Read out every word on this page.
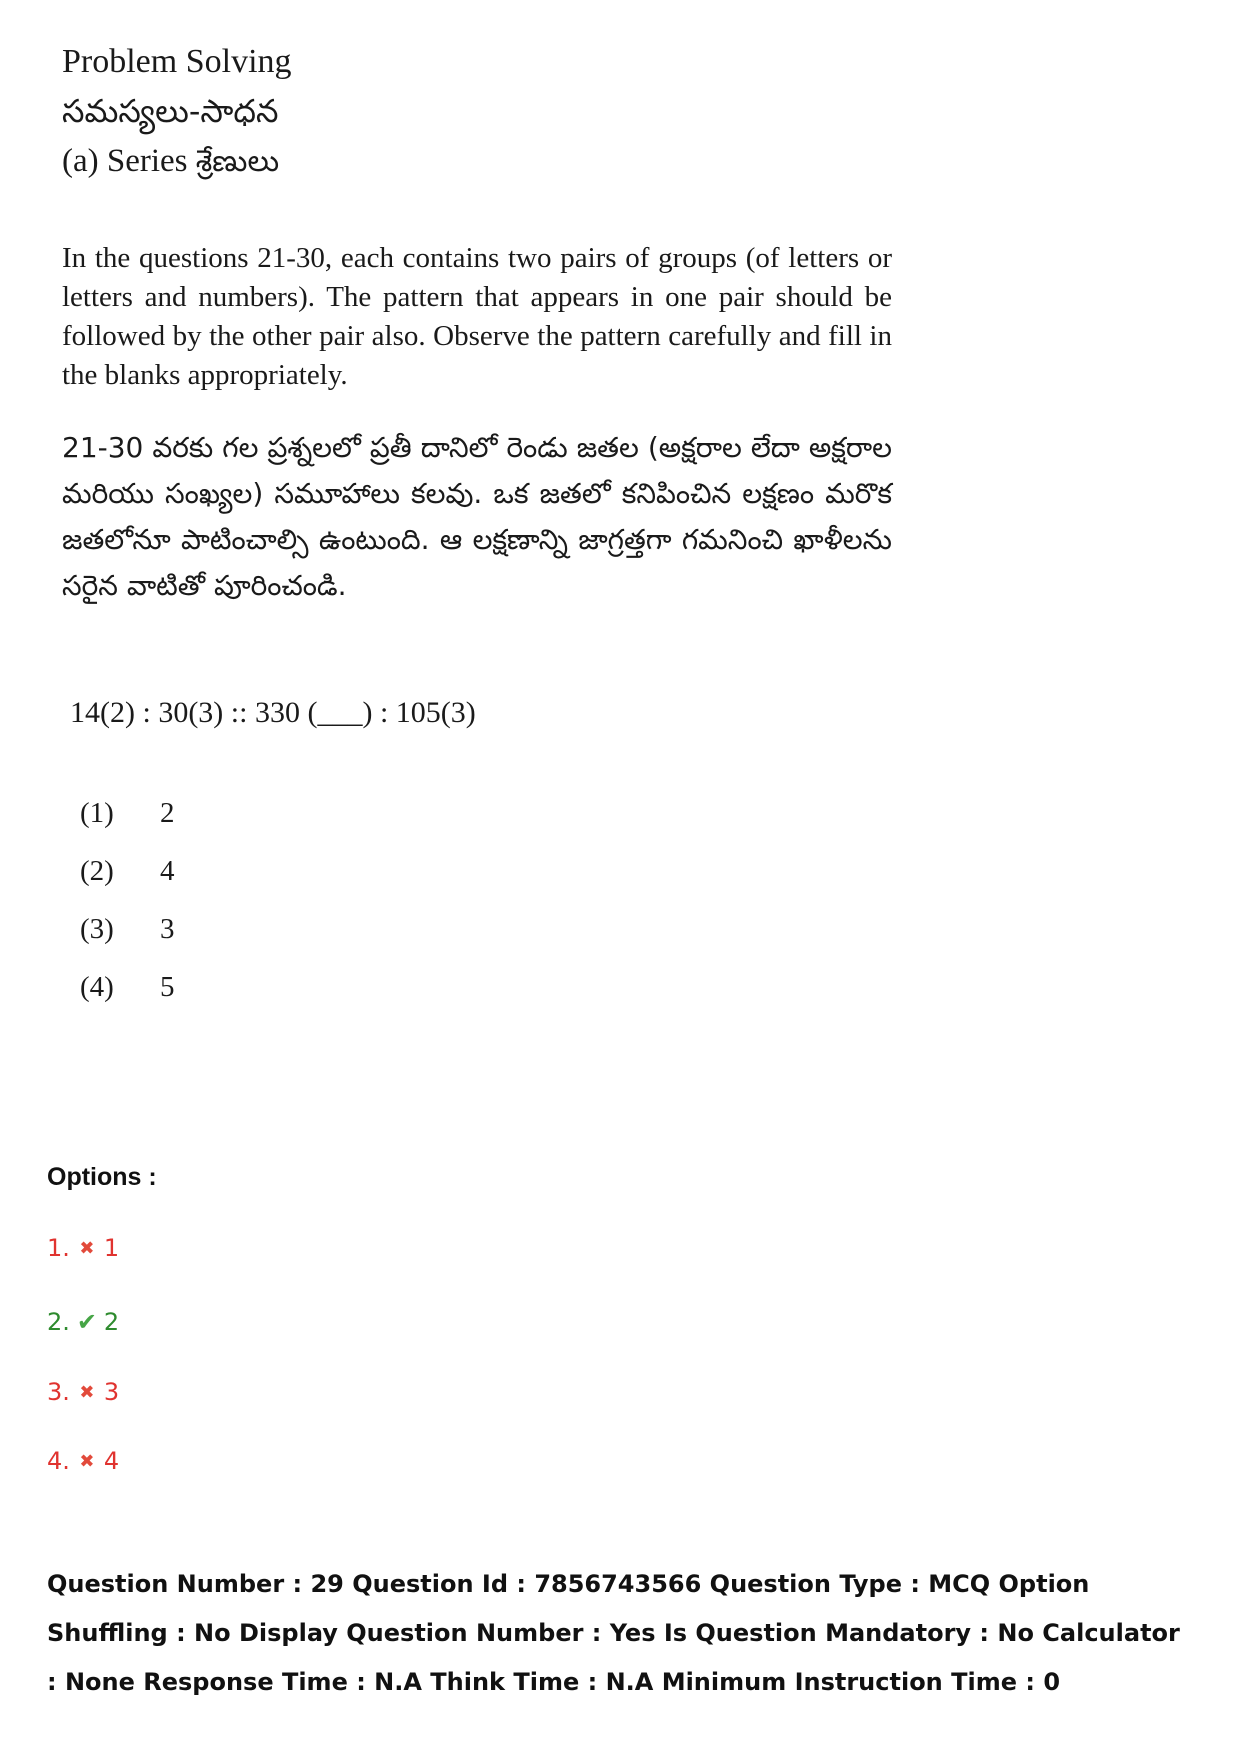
Problem Solving

సమస్యలు-సాధన

(a) Series శ్రేణులు

In the questions 21-30, each contains two pairs of groups (of letters or letters and numbers). The pattern that appears in one pair should be followed by the other pair also. Observe the pattern carefully and fill in the blanks appropriately.
21-30 వరకు గల ప్రశ్నలలో ప్రతీ దానిలో రెండు జతల (అక్షరాల లేదా అక్షరాల మరియు సంఖ్యల) సమూహాలు కలవు. ఒక జతలో కనిపించిన లక్షణం మరొక జతలోనూ పాటించాల్సి ఉంటుంది. ఆ లక్షణాన్ని జాగ్రత్తగా గమనించి ఖాళీలను సరైన వాటితో పూరించండి.
14(2) : 30(3) :: 330 (___) : 105(3)
(1)	2
(2)	4
(3)	3
(4)	5
Options :
1. ✖ 1
2. ✔ 2
3. ✖ 3
4. ✖ 4
Question Number : 29 Question Id : 7856743566 Question Type : MCQ Option Shuffling : No Display Question Number : Yes Is Question Mandatory : No Calculator : None Response Time : N.A Think Time : N.A Minimum Instruction Time : 0
